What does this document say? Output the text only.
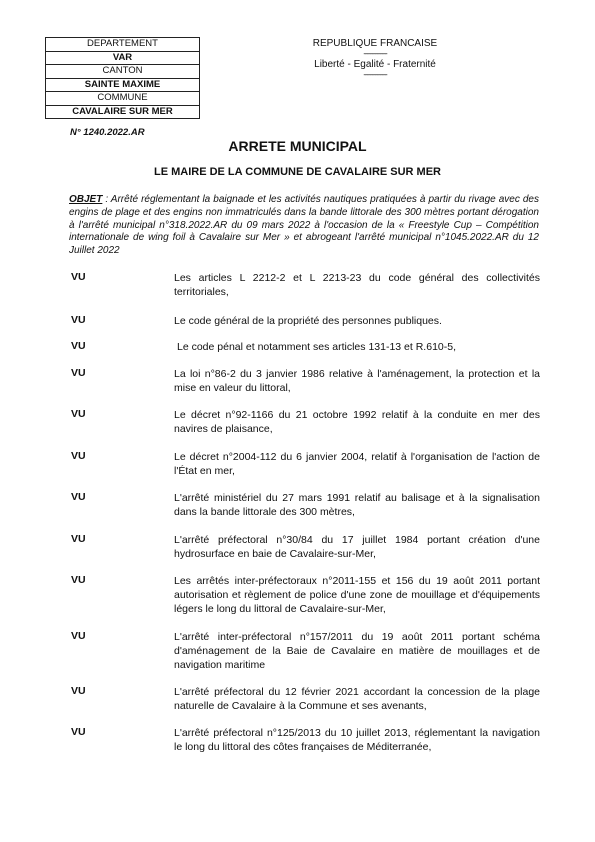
DEPARTEMENT
VAR
CANTON
SAINTE MAXIME
COMMUNE
CAVALAIRE SUR MER
REPUBLIQUE FRANCAISE
--------------
Liberté - Egalité - Fraternité
--------------
N° 1240.2022.AR
ARRETE MUNICIPAL
LE MAIRE DE LA COMMUNE DE CAVALAIRE SUR MER
OBJET : Arrêté réglementant la baignade et les activités nautiques pratiquées à partir du rivage avec des engins de plage et des engins non immatriculés dans la bande littorale des 300 mètres portant dérogation à l'arrêté municipal n°318.2022.AR du 09 mars 2022 à l'occasion de la « Freestyle Cup – Compétition internationale de wing foil à Cavalaire sur Mer » et abrogeant l'arrêté municipal n°1045.2022.AR du 12 Juillet 2022
VU	Les articles L 2212-2 et L 2213-23 du code général des collectivités territoriales,
VU	Le code général de la propriété des personnes publiques.
VU	Le code pénal et notamment ses articles 131-13 et R.610-5,
VU	La loi n°86-2 du 3 janvier 1986 relative à l'aménagement, la protection et la mise en valeur du littoral,
VU	Le décret n°92-1166 du 21 octobre 1992 relatif à la conduite en mer des navires de plaisance,
VU	Le décret n°2004-112 du 6 janvier 2004, relatif à l'organisation de l'action de l'État en mer,
VU	L'arrêté ministériel du 27 mars 1991 relatif au balisage et à la signalisation dans la bande littorale des 300 mètres,
VU	L'arrêté préfectoral n°30/84 du 17 juillet 1984 portant création d'une hydrosurface en baie de Cavalaire-sur-Mer,
VU	Les arrêtés inter-préfectoraux n°2011-155 et 156 du 19 août 2011 portant autorisation et règlement de police d'une zone de mouillage et d'équipements légers le long du littoral de Cavalaire-sur-Mer,
VU	L'arrêté inter-préfectoral n°157/2011 du 19 août 2011 portant schéma d'aménagement de la Baie de Cavalaire en matière de mouillages et de navigation maritime
VU	L'arrêté préfectoral du 12 février 2021 accordant la concession de la plage naturelle de Cavalaire à la Commune et ses avenants,
VU	L'arrêté préfectoral n°125/2013 du 10 juillet 2013, réglementant la navigation le long du littoral des côtes françaises de Méditerranée,
